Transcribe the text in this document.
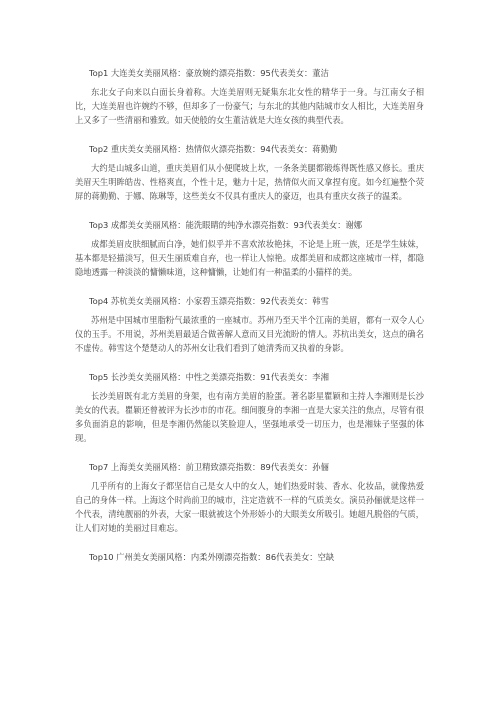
Top1 大连美女美丽风格：豪放婉约漂亮指数：95代表美女：董洁

东北女子向来以白面长身着称。大连美眉则无疑集东北女性的精华于一身。与江南女子相比，大连美眉也许婉约不够，但却多了一份豪气；与东北的其他内陆城市女人相比，大连美眉身上又多了一些清丽和雅致。如天使般的女生董洁就是大连女孩的典型代表。

Top2 重庆美女美丽风格：热情似火漂亮指数：94代表美女：蒋勤勤

大约是山城多山道，重庆美眉们从小便爬坡上坎，一条条美腿都锻炼得既性感又修长。重庆美眉天生明眸皓齿、性格爽直，个性十足，魅力十足，热情似火而又拿捏有度。如今红遍整个荧屏的蒋勤勤、于娜、陈琳等，这些美女不仅具有重庆人的豪迈，也具有重庆女孩子的温柔。

Top3 成都美女美丽风格：能洗眼睛的纯净水漂亮指数：93代表美女：谢娜

成都美眉皮肤细腻而白净，她们似乎并不喜欢浓妆艳抹，不论是上班一族，还是学生妹妹，基本都是轻描淡写，但天生丽质难自弃，也一样让人惊艳。成都美眉和成都这座城市一样，都隐隐地透露一种淡淡的慵懒味道，这种慵懒，让她们有一种温柔的小猫样的美。

Top4 苏杭美女美丽风格：小家碧玉漂亮指数：92代表美女：韩雪

苏州是中国城市里脂粉气最浓重的一座城市。苏州乃至天半个江南的美眉，都有一双令人心仪的玉手。不用说，苏州美眉最适合做善解人意而又目光流盼的情人。苏杭出美女，这点的确名不虚传。韩雪这个楚楚动人的苏州女让我们看到了她清秀而又执着的身影。

Top5 长沙美女美丽风格：中性之美漂亮指数：91代表美女：李湘

长沙美眉既有北方美眉的身架，也有南方美眉的脸蛋。著名影星瞿颖和主持人李湘则是长沙美女的代表。瞿颖还曾被评为长沙市的市花。细间腹身的李湘一直是大家关注的焦点，尽管有很多负面消息的影响，但是李湘仍然能以笑脸迎人，坚强地承受一切压力，也是湘妹子坚强的体现。

Top7 上海美女美丽风格：前卫精致漂亮指数：89代表美女：孙俪

几乎所有的上海女子都坚信自己是女人中的女人，她们热爱时装、香水、化妆品，就像热爱自己的身体一样。上海这个时尚前卫的城市，注定造就不一样的气质美女。演员孙俪就是这样一个代表，清纯靓丽的外表，大家一眼就被这个外形娇小的大眼美女所吸引。她超凡脱俗的气质，让人们对她的美丽过目难忘。

Top10 广州美女美丽风格：内柔外刚漂亮指数：86代表美女：空缺
